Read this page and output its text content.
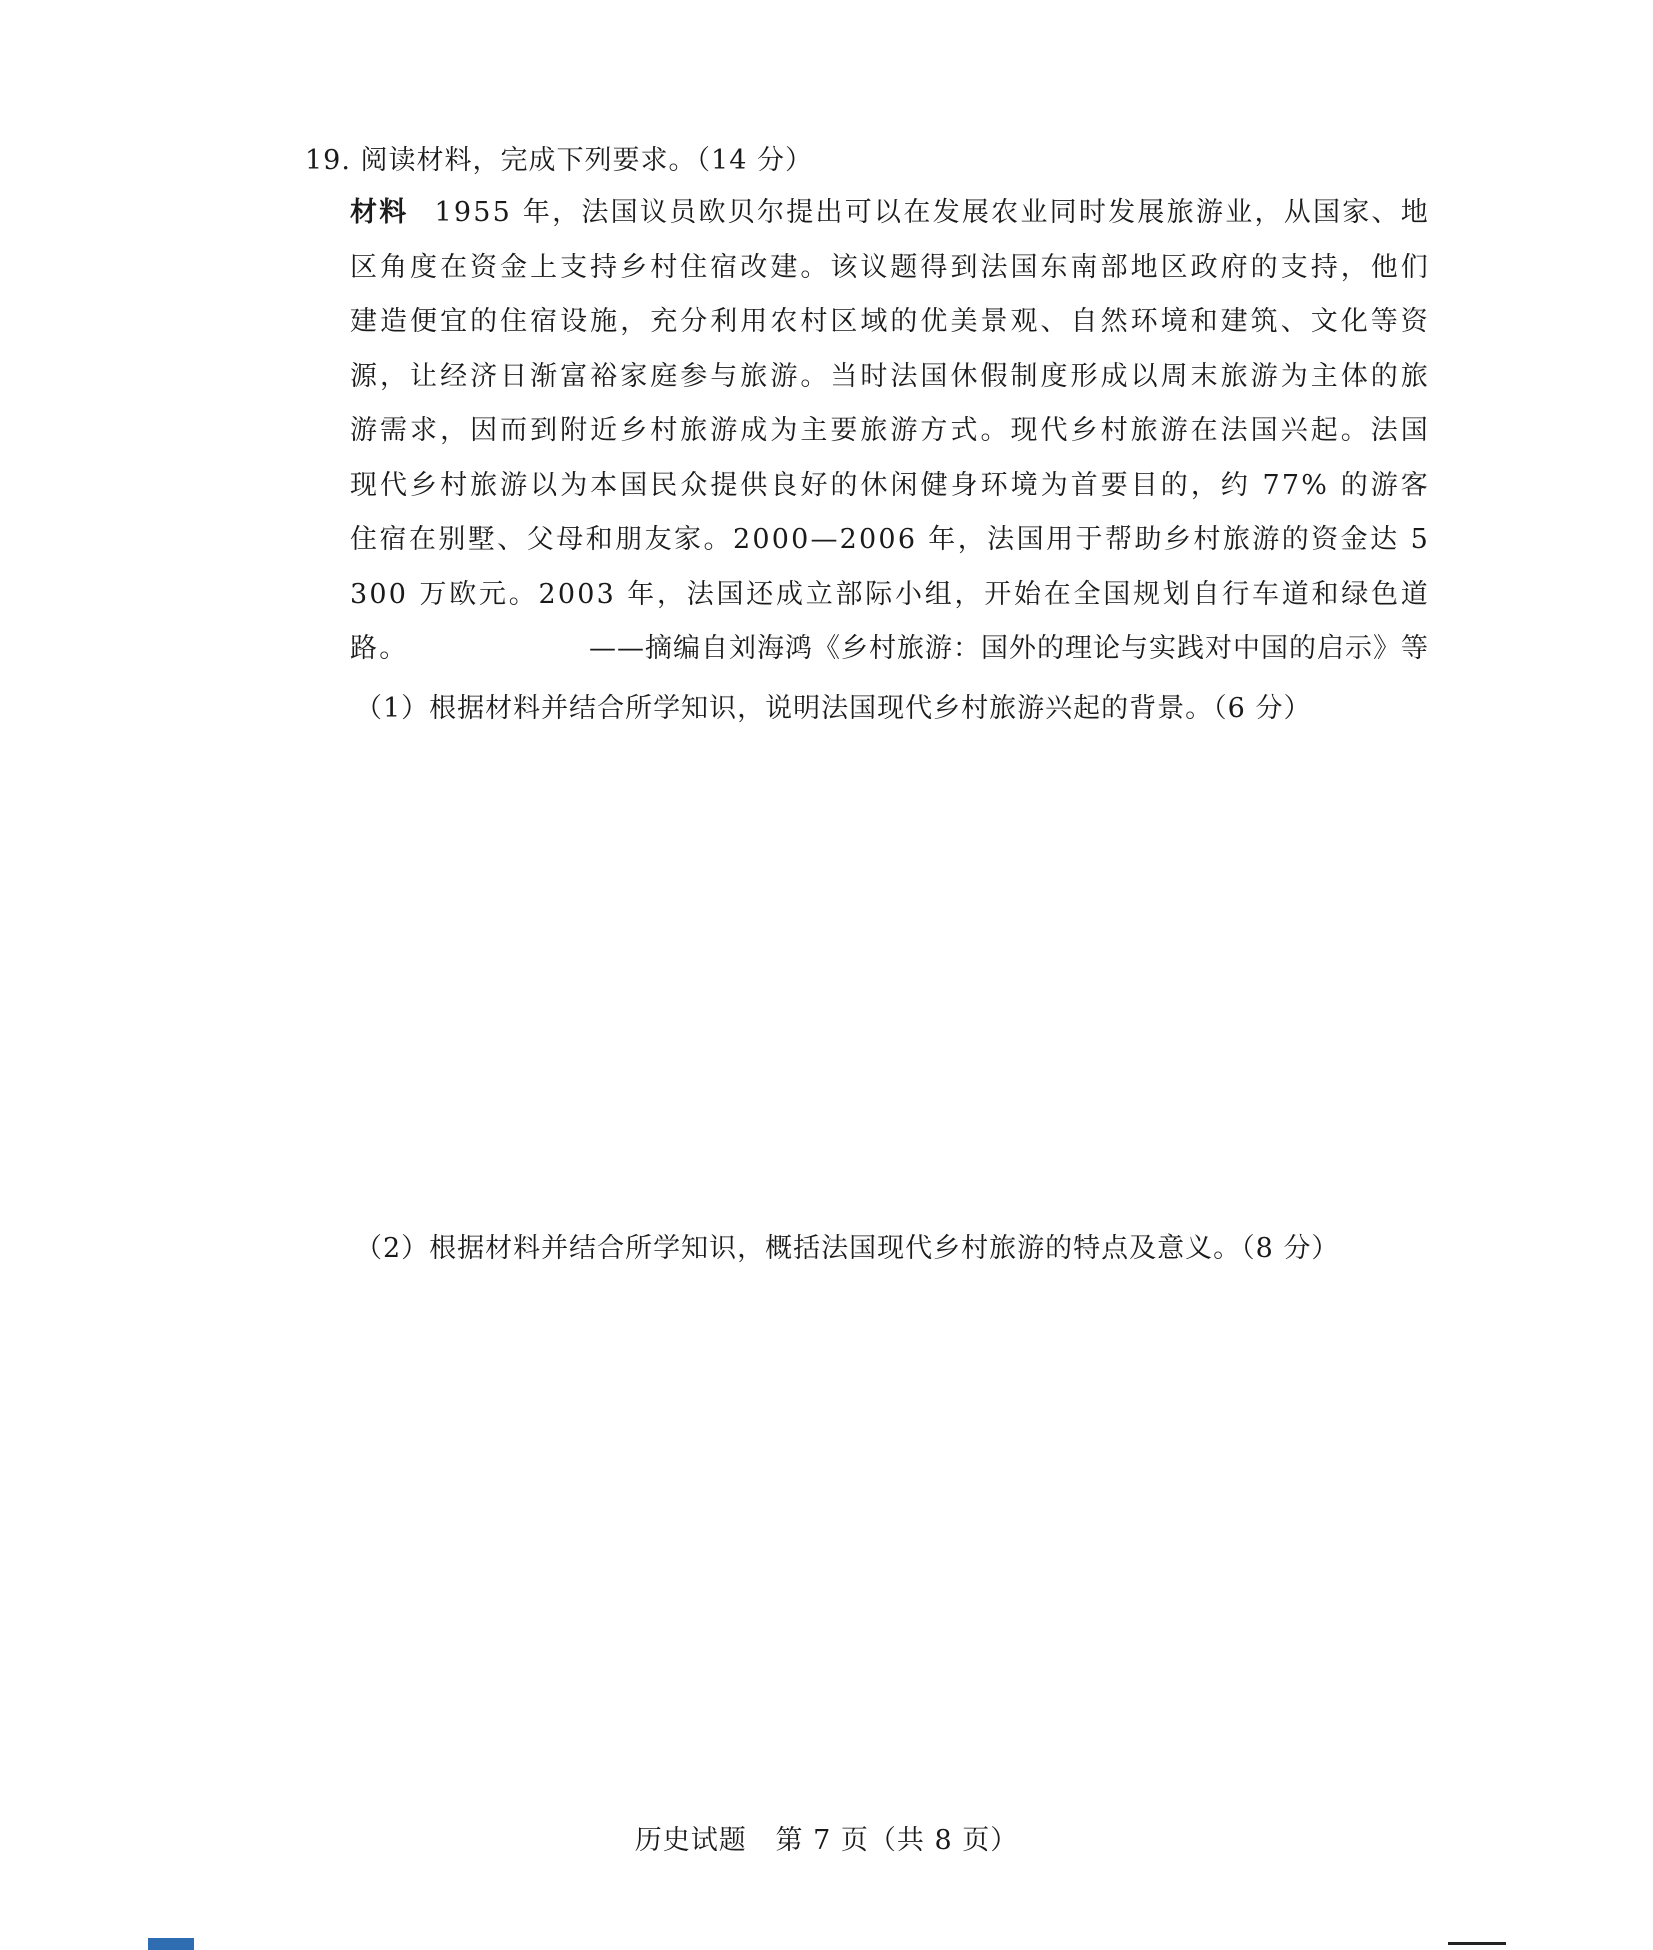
19. 阅读材料，完成下列要求。（14 分）
材料 1955 年，法国议员欧贝尔提出可以在发展农业同时发展旅游业，从国家、地区角度在资金上支持乡村住宿改建。该议题得到法国东南部地区政府的支持，他们建造便宜的住宿设施，充分利用农村区域的优美景观、自然环境和建筑、文化等资源，让经济日渐富裕家庭参与旅游。当时法国休假制度形成以周末旅游为主体的旅游需求，因而到附近乡村旅游成为主要旅游方式。现代乡村旅游在法国兴起。法国现代乡村旅游以为本国民众提供良好的休闲健身环境为首要目的，约 77% 的游客住宿在别墅、父母和朋友家。2000—2006 年，法国用于帮助乡村旅游的资金达 5 300 万欧元。2003 年，法国还成立部际小组，开始在全国规划自行车道和绿色道路。	——摘编自刘海鸿《乡村旅游：国外的理论与实践对中国的启示》等
（1）根据材料并结合所学知识，说明法国现代乡村旅游兴起的背景。（6 分）
（2）根据材料并结合所学知识，概括法国现代乡村旅游的特点及意义。（8 分）
历史试题 第 7 页（共 8 页）
